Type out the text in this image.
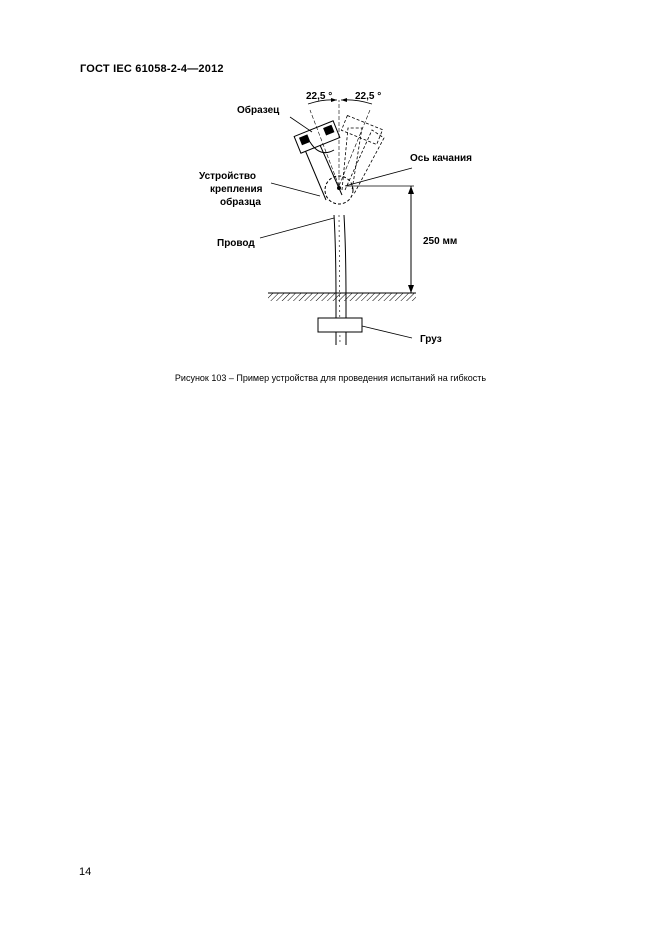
ГОСТ IEC 61058-2-4—2012
22,5 ° 22,5 °
Образец
Устройство
крепления
образца
Ось качания
Провод	250 мм
Груз
Рисунок 103 – Пример устройства для проведения испытаний на гибкость
14
